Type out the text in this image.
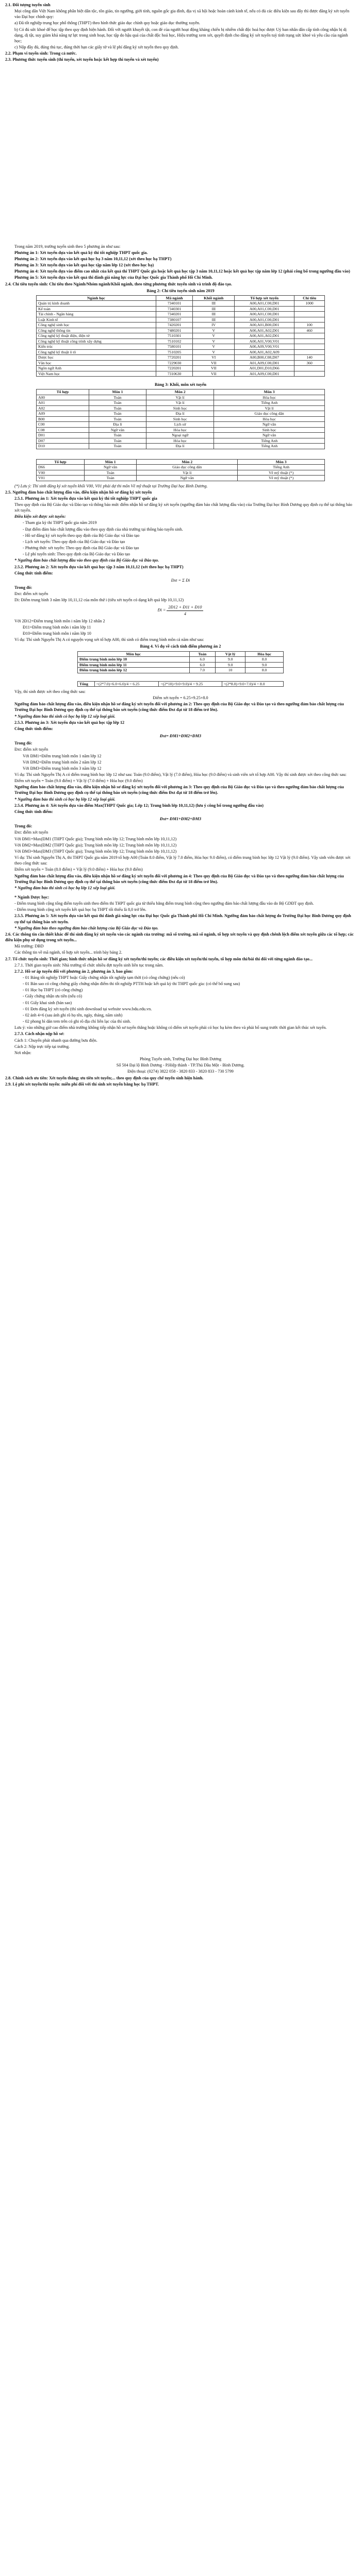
2.1. Đối tượng tuyển sinh

Mọi công dân Việt Nam không phân biệt dân tộc, tôn giáo, tín ngưỡng, giới tính, nguồn gốc gia đình, địa vị xã hội hoặc hoàn cảnh kinh tế, nếu có đủ các điều kiện sau đây thì được đăng ký xét tuyển vào Đại học chính quy:

a) Đã tốt nghiệp trung học phổ thông (THPT) theo hình thức giáo dục chính quy hoặc giáo dục thường xuyên.

b) Có đủ sức khoẻ để học tập theo quy định hiện hành. Đối với người khuyết tật, con đẻ của người hoạt động kháng chiến bị nhiễm chất độc hoá học được Uỷ ban nhân dân cấp tỉnh công nhận bị dị dạng, dị tật, suy giảm khả năng tự lực trong sinh hoạt, học tập do hậu quả của chất độc hoá học, Hiệu trưởng xem xét, quyết định cho đăng ký xét tuyển tuỳ tình trạng sức khoẻ và yêu cầu của ngành học;

c) Nộp đầy đủ, đúng thủ tục, đúng thời hạn các giấy tờ và lệ phí đăng ký xét tuyển theo quy định.

2.2. Phạm vi tuyển sinh: Trong cả nước.

2.3. Phương thức tuyển sinh (thi tuyển, xét tuyển hoặc kết hợp thi tuyển và xét tuyển)

Trong năm 2019, trường tuyển sinh theo 5 phương án như sau:

Phương án 1: Xét tuyển dựa vào kết quả kỳ thi tốt nghiệp THPT quốc gia.

Phương án 2: Xét tuyển dựa vào kết quả học bạ 3 năm 10,11,12 (xét theo học bạ THPT)

Phương án 3: Xét tuyển dựa vào kết quả học tập năm lớp 12 (xét theo học bạ)

Phương án 4: Xét tuyển dựa vào điểm cao nhất của kết quả thi THPT Quốc gia hoặc kết quả học tập 3 năm 10,11,12 hoặc kết quả học tập năm lớp 12 (phải công bố trong ngưỡng đầu vào)

Phương án 5: Xét tuyển dựa vào kết quả thi đánh giá năng lực của Đại học Quốc gia Thành phố Hồ Chí Minh.

2.4. Chỉ tiêu tuyển sinh: Chỉ tiêu theo Ngành/Nhóm ngành/Khối ngành, theo từng phương thức tuyển sinh và trình độ đào tạo.

Bảng 2: Chỉ tiêu tuyển sinh năm 2019

Ngành học	Mã ngành	Khối ngành	Tổ hợp xét tuyển	Chỉ tiêu
Quản trị kinh doanh	7340101	III	A00,A01,C00,D01	1000
Kế toán	7340301	III	A00,A01,C00,D01	
Tài chính - Ngân hàng	7340201	III	A00,A01,C00,D01	
Luật Kinh tế	7380107	III	A00,A01,C00,D01	
Công nghệ sinh học	7420201	IV	A00,A01,B00,D01	100
Công nghệ thông tin	7480201	V	A00,A01,A02,D01	460
Công nghệ kỹ thuật điện, điện tử	7510301	V	A00,A01,A02,D01	
Công nghệ kỹ thuật công trình xây dựng	7510102	V	A00,A01,V00,V01	
Kiến trúc	7580101	V	A00,A09,V00,V01	
Công nghệ kỹ thuật ô tô	7510205	V	A00,A01,A02,A09	
Dược học	7720201	VI	A00,B00,C08,D07	140
Văn học	7229030	VII	A01,A09,C00,D01	360
Ngôn ngữ Anh	7220201	VII	A01,D01,D10,D66	
Việt Nam học	7310630	VII	A01,A09,C00,D01	

Bảng 3: Khối, môn xét tuyển

Tổ hợp	Môn 1	Môn 2	Môn 3
A00	Toán	Vật lí	Hóa học
A01	Toán	Vật lí	Tiếng Anh
A02	Toán	Sinh học	Vật lí
A09	Toán	Địa lí	Giáo dục công dân
B00	Toán	Sinh học	Hóa học
C00	Địa lí	Lịch sử	Ngữ văn
C08	Ngữ văn	Hóa học	Sinh học
D01	Toán	Ngoại ngữ	Ngữ văn
D07	Toán	Hóa học	Tiếng Anh
D10	Toán	Địa lí	Tiếng Anh
Tổ hợp	Môn 1	Môn 2	Môn 3
D66	Ngữ văn	Giáo dục công dân	Tiếng Anh
V00	Toán	Vật lí	Vẽ mỹ thuật (*)
V01	Toán	Ngữ văn	Vẽ mỹ thuật (*)

(*) Lưu ý: Thí sinh đăng ký xét tuyển khối V00, V01 phải dự thi môn Vẽ mỹ thuật tại Trường Đại học Bình Dương.

2.5. Ngưỡng đảm bảo chất lượng đầu vào, điều kiện nhận hồ sơ đăng ký xét tuyển

2.5.1. Phương án 1: Xét tuyển dựa vào kết quả kỳ thi tốt nghiệp THPT quốc gia

Theo quy định của Bộ Giáo dục và Đào tạo và thông báo mức điểm nhận hồ sơ đăng ký xét tuyển (ngưỡng đảm bảo chất lượng đầu vào) của Trường Đại học Bình Dương quy định cụ thể tại thông báo xét tuyển.

Điều kiện xét được xét tuyển:

- Tham gia kỳ thi THPT quốc gia năm 2019

- Đạt điểm đảm bảo chất lượng đầu vào theo quy định của nhà trường tại thông báo tuyển sinh.

- Hồ sơ đăng ký xét tuyển theo quy định của Bộ Giáo dục và Đào tạo

- Lịch xét tuyển: Theo quy định của Bộ Giáo dục và Đào tạo

- Phương thức xét tuyển: Theo quy định của Bộ Giáo dục và Đào tạo

- Lệ phí tuyển sinh: Theo quy định của Bộ Giáo dục và Đào tạo

* Ngưỡng đảm bảo chất lượng đầu vào theo quy định của Bộ Giáo dục và Đào tạo.

2.5.2. Phương án 2: Xét tuyển dựa vào kết quả học tập 3 năm 10,11,12 (xét theo học bạ THPT)

Công thức tính điểm:

Đxt = Σ Đi

Trong đó:

Đxt: điểm xét tuyển

Di: Điểm trung bình 3 năm lớp 10,11,12 của môn thứ i (tiêu xét tuyển có dạng kết quả lớp 10,11,12)

Đi = $\frac{2Đ12 + Đ11 + Đ10}{4}$

Với 2Đ12=Điểm trung bình môn i năm lớp 12 nhân 2

Đ11=Điểm trung bình môn i năm lớp 11

Đ10=Điểm trung bình môn i năm lớp 10

Ví dụ: Thí sinh Nguyễn Thị A có nguyện vọng xét tổ hợp A00, thì sinh có điểm trung bình môn cả năm như sau:

Bảng 4. Ví dụ về cách tính điểm phương án 2

Môn học	Toán	Vật lý	Hóa học
Điểm trung bình môn lớp 10	6.0	9.0	8.0
Điểm trung bình môn lớp 11	6.0	9.0	9.0
Điểm trung bình môn lớp 12	7.0	10	8.0
Tổng	=(2*7.0)+6.0+6.0)/4 = 6.25	=(2*10)+9.0+9.0)/4 = 9.25	=(2*8.0)+9.0+7.0)/4 = 8.0

Vậy, thí sinh được xét theo công thức sau:

Điểm xét tuyển = 6.25+9.25+8.0

Ngưỡng đảm bảo chất lượng đầu vào, điều kiện nhận hồ sơ đăng ký xét tuyển đối với phương án 2: Theo quy định của Bộ Giáo dục và Đào tạo và theo ngưỡng đảm bảo chất lượng của Trường Đại học Bình Dương quy định cụ thể tại thông báo xét tuyển (công thức điểm Đxt đạt từ 18 điểm trở lên).

* Ngưỡng đảm bảo thí sinh có học bạ lớp 12 xếp loại giỏi.

2.5.3. Phương án 3: Xét tuyển dựa vào kết quả học tập lớp 12

Công thức tính điểm:

Đxt= ĐM1+ĐM2+ĐM3

Trong đó:

Đxt: điểm xét tuyển

Với ĐM1=Điểm trung bình môn 1 năm lớp 12

Với ĐM2=Điểm trung bình môn 2 năm lớp 12

Với ĐM3=Điểm trung bình môn 3 năm lớp 12

Ví dụ: Thí sinh Nguyễn Thị A có điểm trung bình học lớp 12 như sau: Toán (9.0 điểm), Vật lý (7.0 điểm), Hóa học (9.0 điểm) và sinh viên xét tổ hợp A00. Vậy thí sinh được xét theo công thức sau:

Điểm xét tuyển = Toán (9.0 điểm) + Vật lý (7.0 điểm) + Hóa học (9.0 điểm)

Ngưỡng đảm bảo chất lượng đầu vào, điều kiện nhận hồ sơ đăng ký xét tuyển đối với phương án 3: Theo quy định của Bộ Giáo dục và Đào tạo và theo ngưỡng đảm bảo chất lượng của Trường Đại học Bình Dương quy định cụ thể tại thông báo xét tuyển (công thức điểm Đxt đạt từ 18 điểm trở lên).

* Ngưỡng đảm bảo thí sinh có học bạ lớp 12 xếp loại giỏi.

2.5.4. Phương án 4: Xét tuyển dựa vào điểm Max(THPT Quốc gia; Lớp 12; Trung bình lớp 10,11,12) (lưu ý công bố trong ngưỡng đầu vào)

Công thức tính điểm:

Đxt= ĐM1+ĐM2+ĐM3

Trong đó:

Đxt: điểm xét tuyển

Với ĐM1=Max(ĐM1 (THPT Quốc gia); Trung bình môn lớp 12; Trung bình môn lớp 10,11,12)

Với ĐM2=Max(ĐM2 (THPT Quốc gia); Trung bình môn lớp 12; Trung bình môn lớp 10,11,12)

Với ĐM3=Max(ĐM3 (THPT Quốc gia); Trung bình môn lớp 12; Trung bình môn lớp 10,11,12)

Ví dụ: Thí sinh Nguyễn Thị A, thi THPT Quốc gia năm 2019 tổ hợp A00 (Toán 8.0 điểm, Vật lý 7.0 điểm, Hóa học 9.0 điểm), có điểm trung bình học lớp 12 Vật lý (9.0 điểm). Vậy sinh viên được xét theo công thức sau:

Điểm xét tuyển = Toán (8.0 điểm) + Vật lý (9.0 điểm) + Hóa học (9.0 điểm)

Ngưỡng đảm bảo chất lượng đầu vào, điều kiện nhận hồ sơ đăng ký xét tuyển đối với phương án 4: Theo quy định của Bộ Giáo dục và Đào tạo và theo ngưỡng đảm bảo chất lượng của Trường Đại học Bình Dương quy định cụ thể tại thông báo xét tuyển (công thức điểm Đxt đạt từ 18 điểm trở lên).

* Ngưỡng đảm bảo thí sinh có học bạ lớp 12 xếp loại giỏi.

* Ngành Dược học:

- Điểm trung bình cộng tổng điểm tuyển sinh theo điểm thi THPT quốc gia từ thiếu bằng điểm trung bình cộng theo ngưỡng đảm bảo chất lượng đầu vào do Bộ GDĐT quy định.

- Điểm trung bình cộng xét tuyển kết quả học bạ THPT tối thiểu là 8,0 trở lên.

2.5.5. Phương án 5: Xét tuyển dựa vào kết quả thi đánh giá năng lực của Đại học Quốc gia Thành phố Hồ Chí Minh. Ngưỡng đảm bảo chất lượng do Trường Đại học Bình Dương quy định cụ thể tại thông báo xét tuyển.

* Ngưỡng đảm bảo theo ngưỡng đảm bảo chất lượng của Bộ Giáo dục và Đào tạo.

2.6. Các thông tin cần thiết khác để thí sinh đăng ký xét tuyển vào các ngành của trường: mã số trường, mã số ngành, tổ hợp xét tuyển và quy định chênh lệch điểm xét tuyển giữa các tổ hợp; các điều kiện phụ sử dụng trong xét tuyển...

Mã trường: DBD

Các thông tin về mã ngành, tổ hợp xét tuyển... trình bày bảng 2.

2.7. Tổ chức tuyển sinh: Thời gian; hình thức nhận hồ sơ đăng ký xét tuyển/thi tuyển; các điều kiện xét tuyển/thi tuyển, tổ hợp môn thi/bài thi đối với từng ngành đào tạo...

2.7.1. Thời gian tuyển sinh: Nhà trường tổ chức nhiều đợt tuyển sinh liên tục trong năm.

2.7.2. Hồ sơ áp tuyển đối với phương án 2, phương án 3, bao gồm:

- 01 Bảng tốt nghiệp THPT hoặc Giấy chứng nhận tốt nghiệp tạm thời (có công chứng) (nếu có)

- 01 Bản sao có công chứng giấy chứng nhận điểm thi tốt nghiệp PTTH hoặc kết quả kỳ thi THPT quốc gia: (có thể bổ sung sau)

- 01 Học bạ THPT (có công chứng)

- Giấy chứng nhận ưu tiên (nếu có)

- 01 Giấy khai sinh (bản sao)

- 01 Đơn đăng ký xét tuyển (thí sinh download tại website www.bdu.edu.vn.

- 02 ảnh 4×6 (sau ảnh ghi rõ họ tên, ngày, tháng, năm sinh)

- 02 phong bì dán tem trên có ghi rõ địa chỉ liên lạc của thí sinh.

Lưu ý: vào những giờ cao điểm nhà trường không tiếp nhận hồ sơ tuyển thẳng hoặc không có điểm xét tuyển phải có học bạ kèm theo và phải bổ sung trước thời gian kết thúc xét tuyển.

2.7.3. Cách nhận nộp hồ sơ:

Cách 1: Chuyển phát nhanh qua đường bưu điện.

Cách 2: Nộp trực tiếp tại trường.

Nơi nhận:

Phòng Tuyển sinh, Trường Đại học Bình Dương

Số 504 Đại lộ Bình Dương - P.Hiệp thành - TP.Thủ Dầu Một - Bình Dương.

Điện thoại: (0274) 3822 058 - 3820 833 - 3820 833 - 730 5799

2.8. Chính sách ưu tiên: Xét tuyển thẳng; ưu tiên xét tuyển;... theo quy định của quy chế tuyển sinh hiện hành.

2.9. Lệ phí xét tuyển/thi tuyển: miễn phí đối với thí sinh xét tuyển bằng học bạ THPT.
